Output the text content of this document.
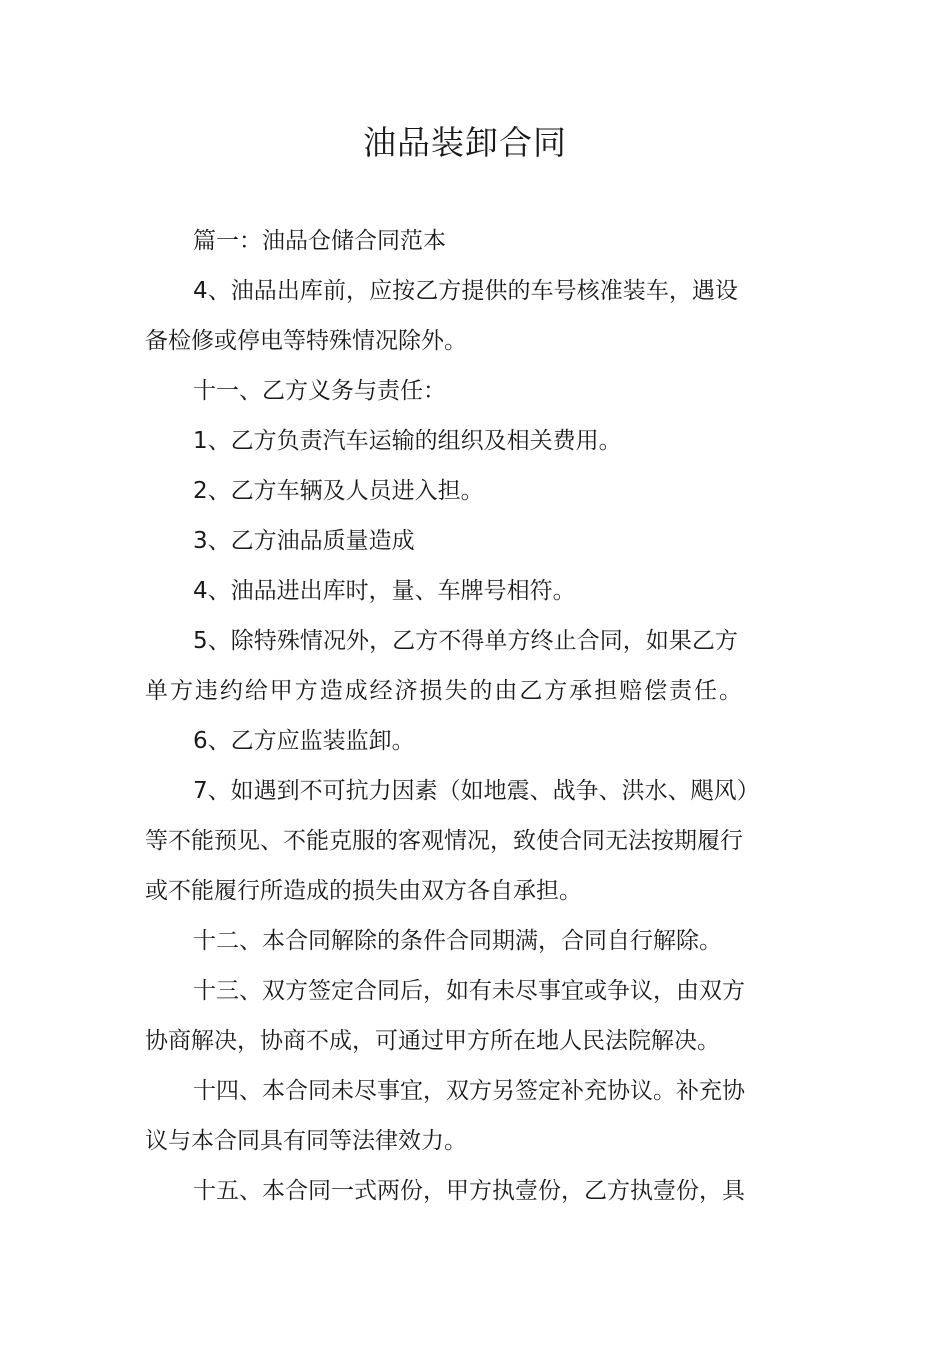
油品装卸合同

篇一：油品仓储合同范本

4、油品出库前，应按乙方提供的车号核准装车，遇设

备检修或停电等特殊情况除外。

十一、乙方义务与责任：

1、乙方负责汽车运输的组织及相关费用。

2、乙方车辆及人员进入担。

3、乙方油品质量造成

4、油品进出库时，量、车牌号相符。

5、除特殊情况外，乙方不得单方终止合同，如果乙方

单方违约给甲方造成经济损失的由乙方承担赔偿责任。

6、乙方应监装监卸。

7、如遇到不可抗力因素（如地震、战争、洪水、飓风）

等不能预见、不能克服的客观情况，致使合同无法按期履行

或不能履行所造成的损失由双方各自承担。

十二、本合同解除的条件合同期满，合同自行解除。

十三、双方签定合同后，如有未尽事宜或争议，由双方

协商解决，协商不成，可通过甲方所在地人民法院解决。

十四、本合同未尽事宜，双方另签定补充协议。补充协

议与本合同具有同等法律效力。

十五、本合同一式两份，甲方执壹份，乙方执壹份，具
